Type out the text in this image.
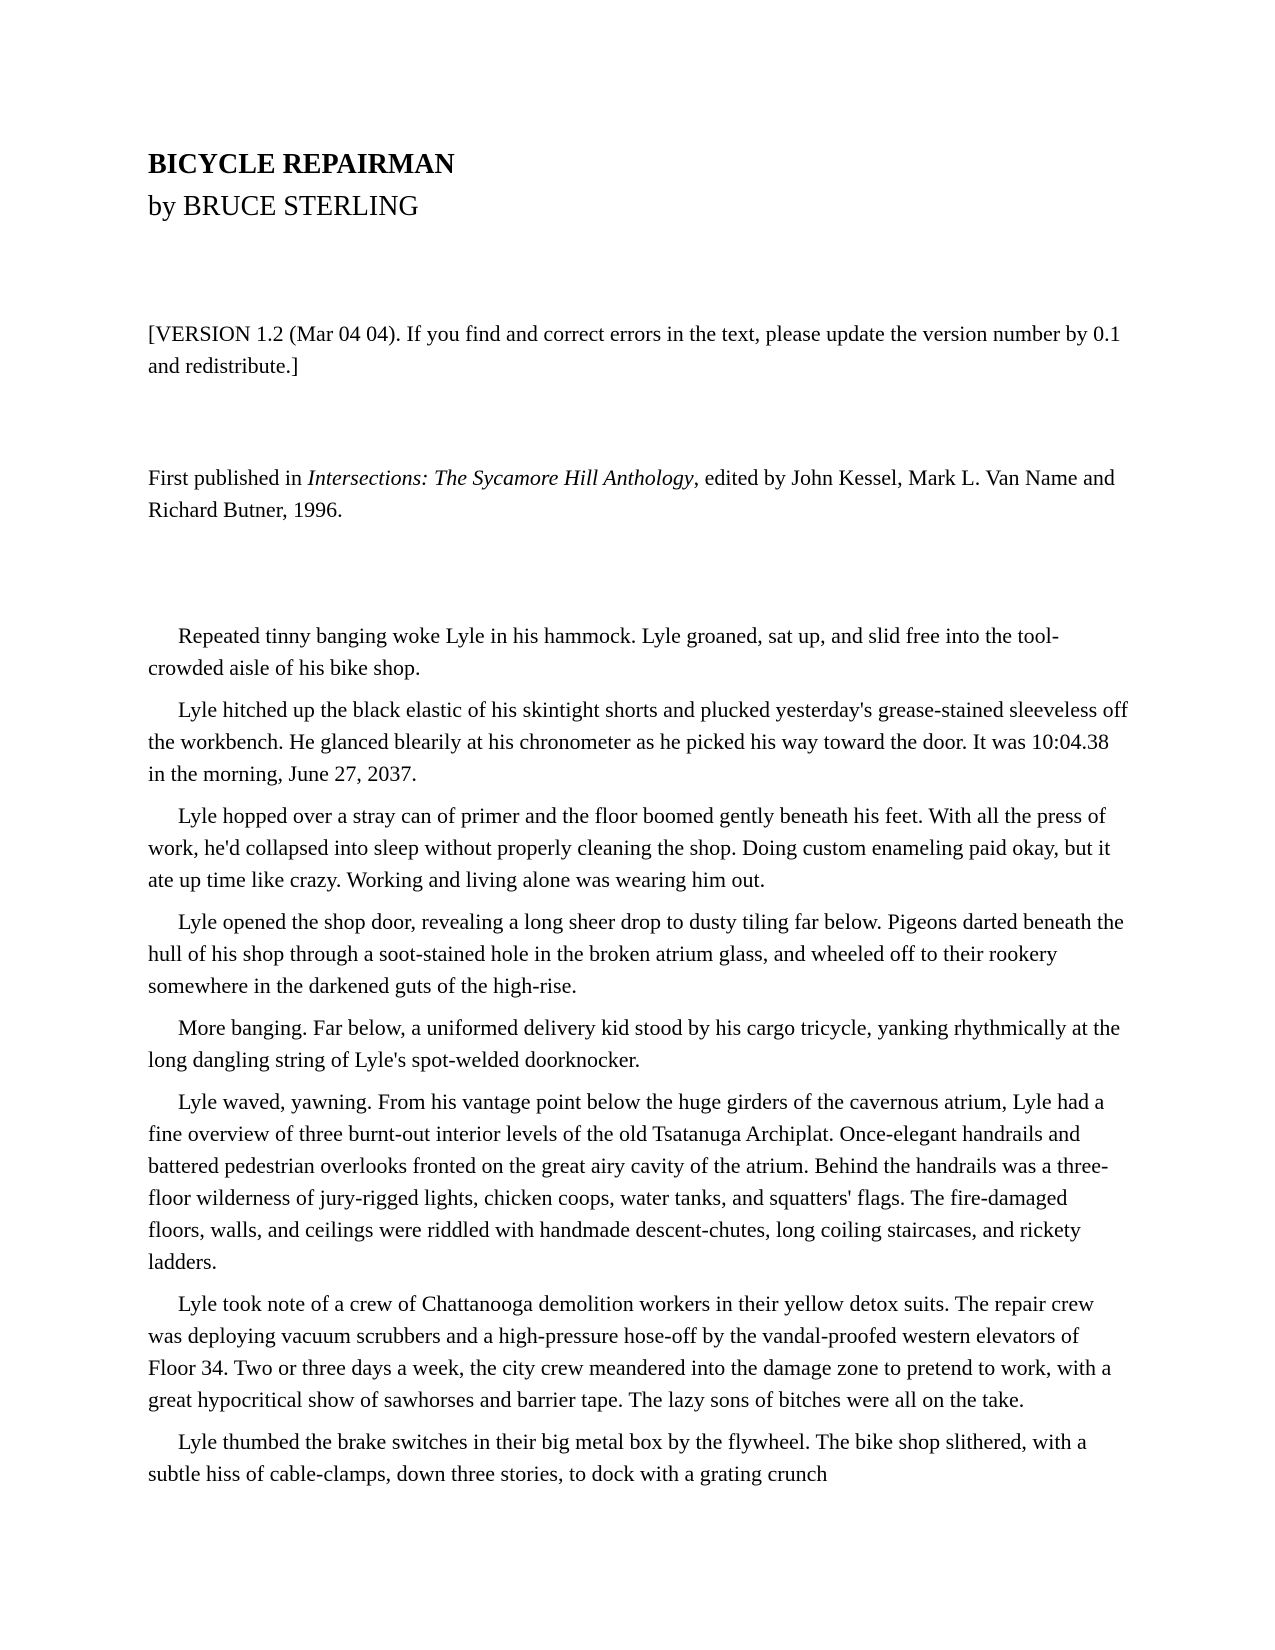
BICYCLE REPAIRMAN
by BRUCE STERLING

[VERSION 1.2 (Mar 04 04). If you find and correct errors in the text, please update the version number by 0.1 and redistribute.]

First published in Intersections: The Sycamore Hill Anthology, edited by John Kessel, Mark L. Van Name and Richard Butner, 1996.

Repeated tinny banging woke Lyle in his hammock. Lyle groaned, sat up, and slid free into the tool-crowded aisle of his bike shop.

Lyle hitched up the black elastic of his skintight shorts and plucked yesterday's grease-stained sleeveless off the workbench. He glanced blearily at his chronometer as he picked his way toward the door. It was 10:04.38 in the morning, June 27, 2037.

Lyle hopped over a stray can of primer and the floor boomed gently beneath his feet. With all the press of work, he'd collapsed into sleep without properly cleaning the shop. Doing custom enameling paid okay, but it ate up time like crazy. Working and living alone was wearing him out.

Lyle opened the shop door, revealing a long sheer drop to dusty tiling far below. Pigeons darted beneath the hull of his shop through a soot-stained hole in the broken atrium glass, and wheeled off to their rookery somewhere in the darkened guts of the high-rise.

More banging. Far below, a uniformed delivery kid stood by his cargo tricycle, yanking rhythmically at the long dangling string of Lyle's spot-welded doorknocker.

Lyle waved, yawning. From his vantage point below the huge girders of the cavernous atrium, Lyle had a fine overview of three burnt-out interior levels of the old Tsatanuga Archiplat. Once-elegant handrails and battered pedestrian overlooks fronted on the great airy cavity of the atrium. Behind the handrails was a three-floor wilderness of jury-rigged lights, chicken coops, water tanks, and squatters' flags. The fire-damaged floors, walls, and ceilings were riddled with handmade descent-chutes, long coiling staircases, and rickety ladders.

Lyle took note of a crew of Chattanooga demolition workers in their yellow detox suits. The repair crew was deploying vacuum scrubbers and a high-pressure hose-off by the vandal-proofed western elevators of Floor 34. Two or three days a week, the city crew meandered into the damage zone to pretend to work, with a great hypocritical show of sawhorses and barrier tape. The lazy sons of bitches were all on the take.

Lyle thumbed the brake switches in their big metal box by the flywheel. The bike shop slithered, with a subtle hiss of cable-clamps, down three stories, to dock with a grating crunch
